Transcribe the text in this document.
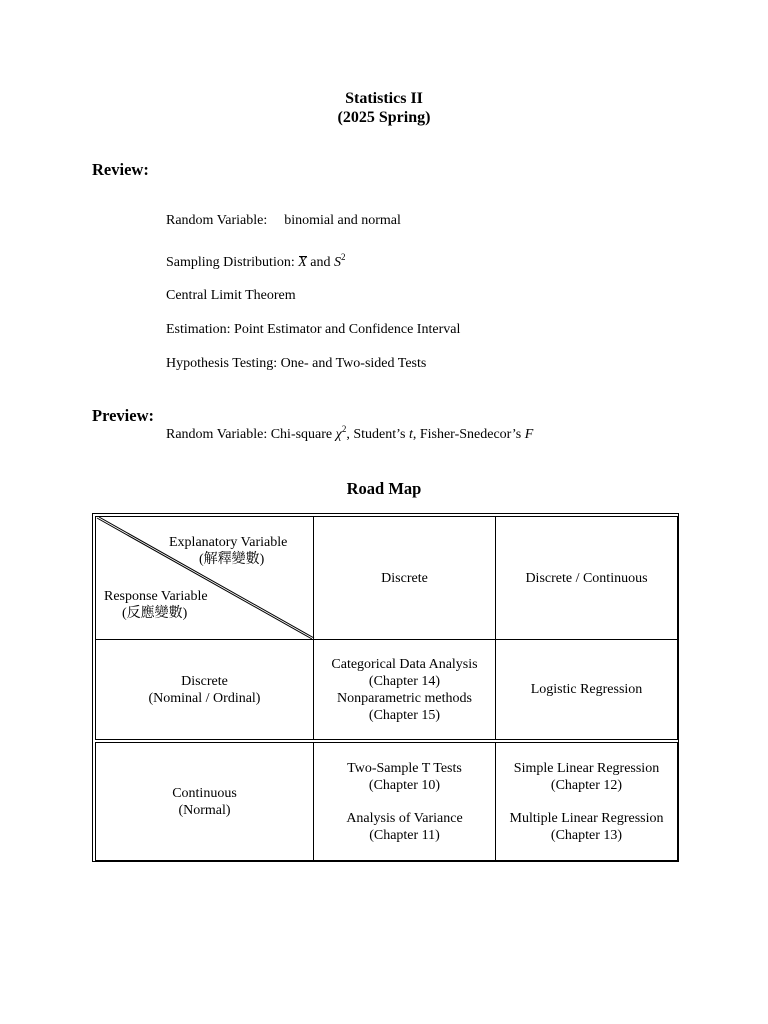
Statistics II
(2025 Spring)
Review:
Random Variable: binomial and normal
Sampling Distribution: X and $S^2$
Central Limit Theorem
Estimation: Point Estimator and Confidence Interval
Hypothesis Testing: One- and Two-sided Tests
Preview:
Random Variable: Chi-square $\chi^2$, Student’s t, Fisher-Snedecor’s F
Road Map
Explanatory Variable
(解釋變數)
Response Variable
(反應變數)
Discrete	Discrete / Continuous
Discrete
(Nominal / Ordinal)
Categorical Data Analysis
(Chapter 14)
Nonparametric methods
(Chapter 15)
Logistic Regression
Continuous
(Normal)
Two-Sample T Tests
(Chapter 10)
Analysis of Variance
(Chapter 11)
Simple Linear Regression
(Chapter 12)
Multiple Linear Regression
(Chapter 13)
